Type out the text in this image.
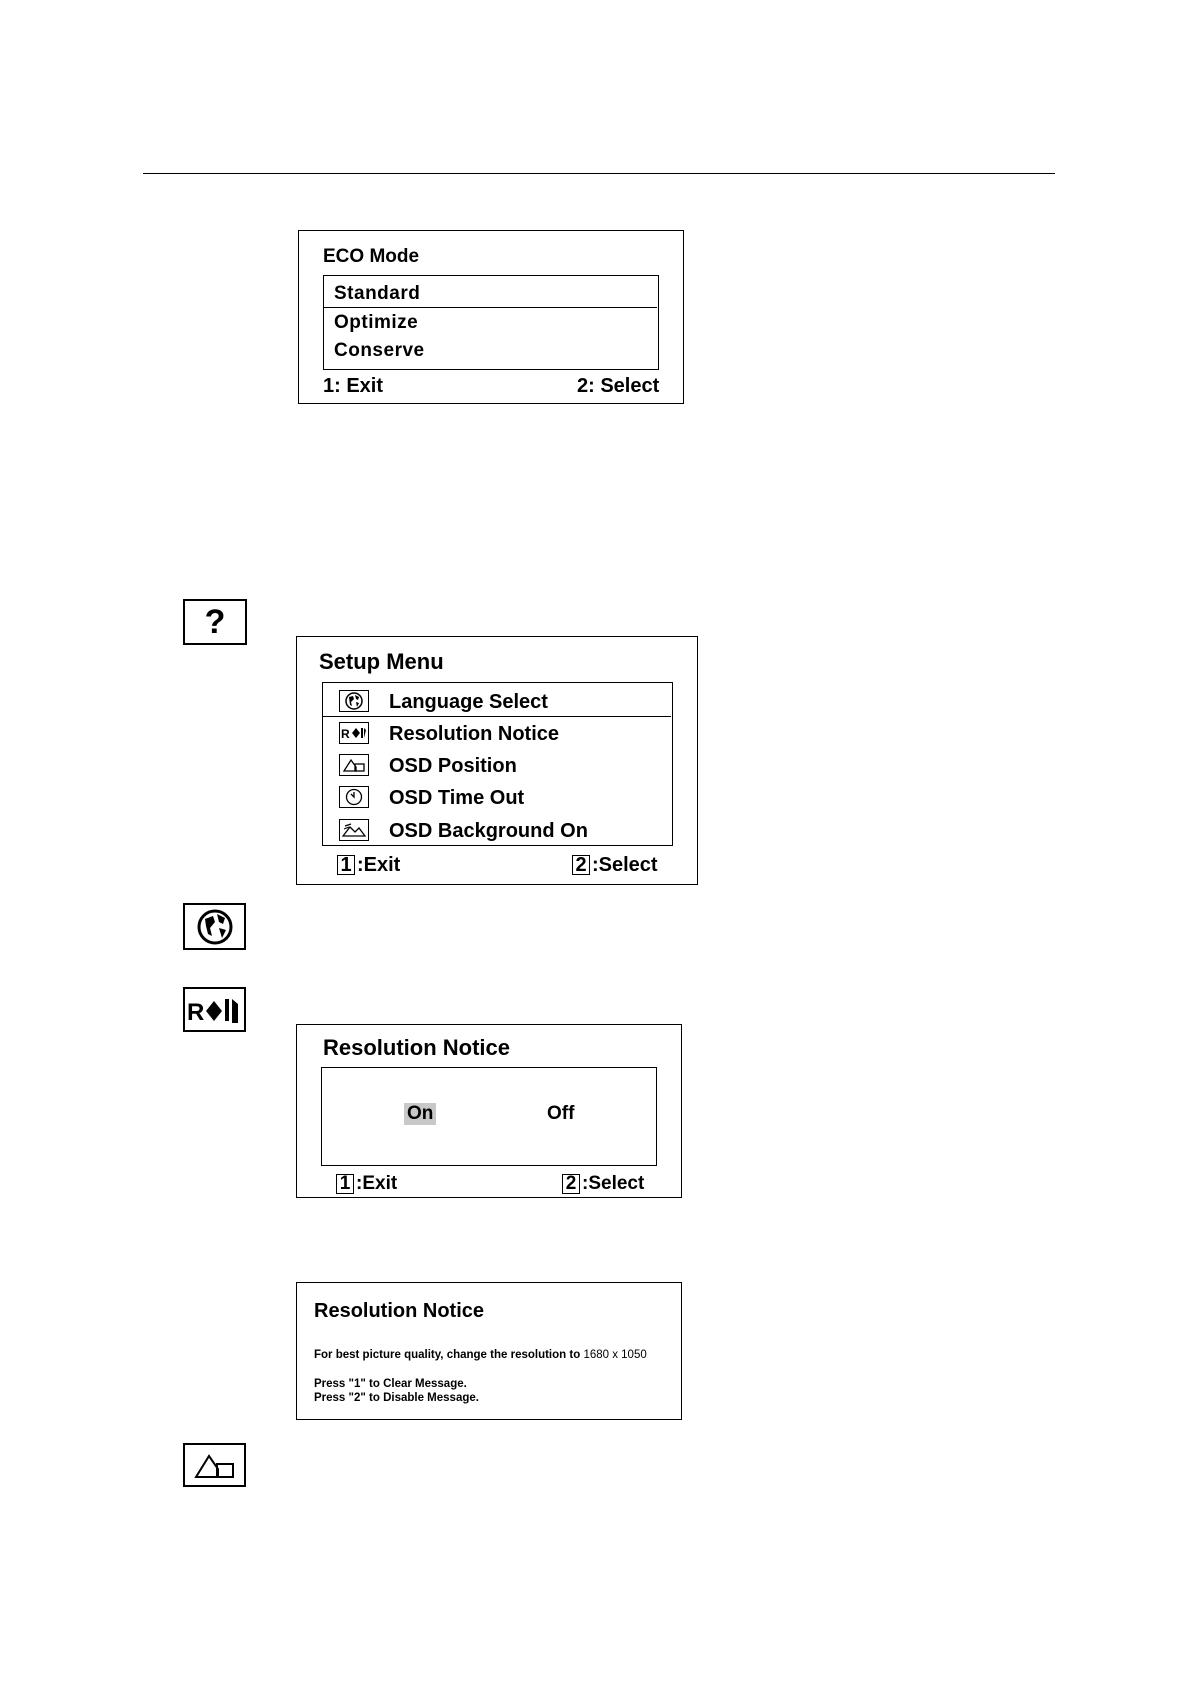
ECO Mode
Standard
Optimize
Conserve
1: Exit	2: Select
?
Setup Menu
Language Select
R Resolution Notice
OSD Position
OSD Time Out
OSD Background On
1 :Exit	2 :Select
R
Resolution Notice
On	Off
1 :Exit	2 :Select
Resolution Notice
For best picture quality, change the resolution to 1680 x 1050
Press "1" to Clear Message.
Press "2" to Disable Message.
